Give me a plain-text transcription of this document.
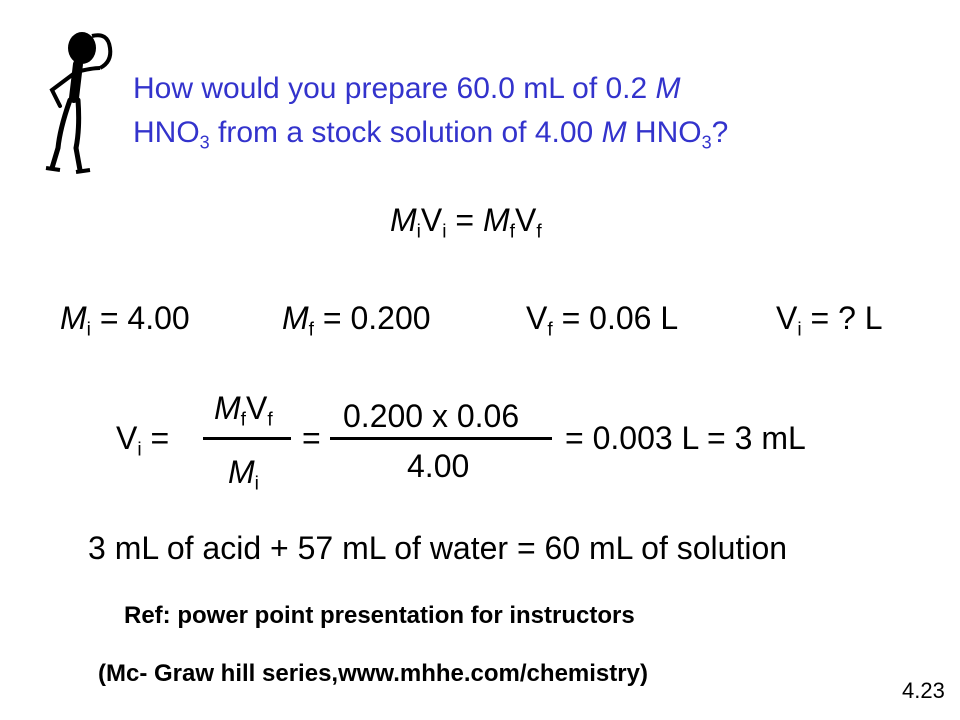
How would you prepare 60.0 mL of 0.2 M
$HNO_3$ from a stock solution of 4.00 M $HNO_3$?
$M_iV_i = M_fV_f$
$M_i = 4.00$	$M_f = 0.200$	$V_f = 0.06$ L	$V_i$ = ? L
$V_i$ =
$M_fV_f$
$M_i$
=
0.200 x 0.06
4.00
= 0.003 L = 3 mL
3 mL of acid + 57 mL of water = 60 mL of solution
Ref: power point presentation for instructors
(Mc- Graw hill series,www.mhhe.com/chemistry)
4.23
